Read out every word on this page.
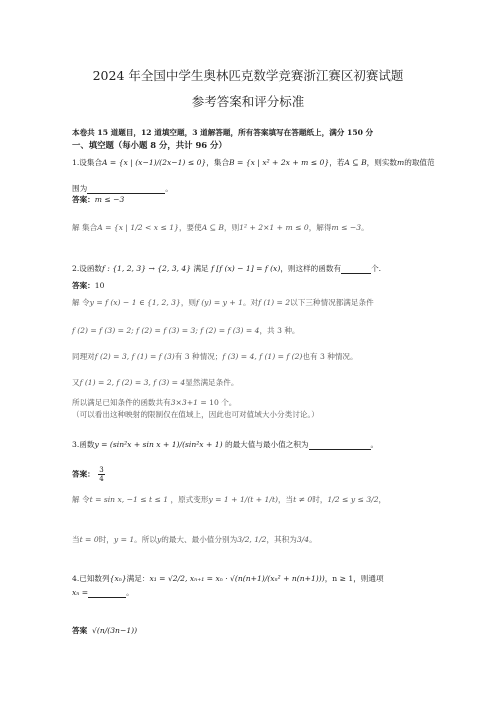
2024 年全国中学生奥林匹克数学竞赛浙江赛区初赛试题
参考答案和评分标准
本卷共 15 道题目，12 道填空题，3 道解答题，所有答案填写在答题纸上，满分 150 分
一、填空题（每小题 8 分，共计 96 分）
1.设集合A = {x | (x−1)/(2x−1) ≤ 0}，集合B = {x | x² + 2x + m ≤ 0}，若A ⊆ B，则实数m的取值范
围为	。
答案：m ≤ −3
解 集合A = {x | 1/2 < x ≤ 1}，要使A ⊆ B，则1² + 2×1 + m ≤ 0，解得m ≤ −3。
2.设函数f : {1, 2, 3} → {2, 3, 4} 满足 f [f (x) − 1] = f (x)，则这样的函数有	个.
答案：10
解 令y = f (x) − 1 ∈ {1, 2, 3}，则f (y) = y + 1。对f (1) = 2以下三种情况都满足条件
f (2) = f (3) = 2; f (2) = f (3) = 3; f (2) = f (3) = 4，共 3 种。
同理对f (2) = 3, f (1) = f (3)有 3 种情况；f (3) = 4, f (1) = f (2)也有 3 种情况。
又f (1) = 2, f (2) = 3, f (3) = 4显然满足条件。
所以满足已知条件的函数共有3×3+1 = 10 个。
（可以看出这种映射的限制仅在值域上，因此也可对值域大小分类讨论。）
3.函数y = (sin²x + sin x + 1)/(sin²x + 1) 的最大值与最小值之积为	。
答案： $\frac{3}{4}$
解 令t = sin x, −1 ≤ t ≤ 1 ，原式变形y = 1 + 1/(t + 1/t)，当t ≠ 0时，1/2 ≤ y ≤ 3/2，
当t = 0时，y = 1。所以y的最大、最小值分别为3/2, 1/2，其积为3/4。
4.已知数列{xₙ}满足：x₁ = √2/2, xₙ₊₁ = xₙ · √(n(n+1)/(xₙ² + n(n+1)))，n ≥ 1，则通项
xₙ =	。
答案 √(n/(3n−1))
